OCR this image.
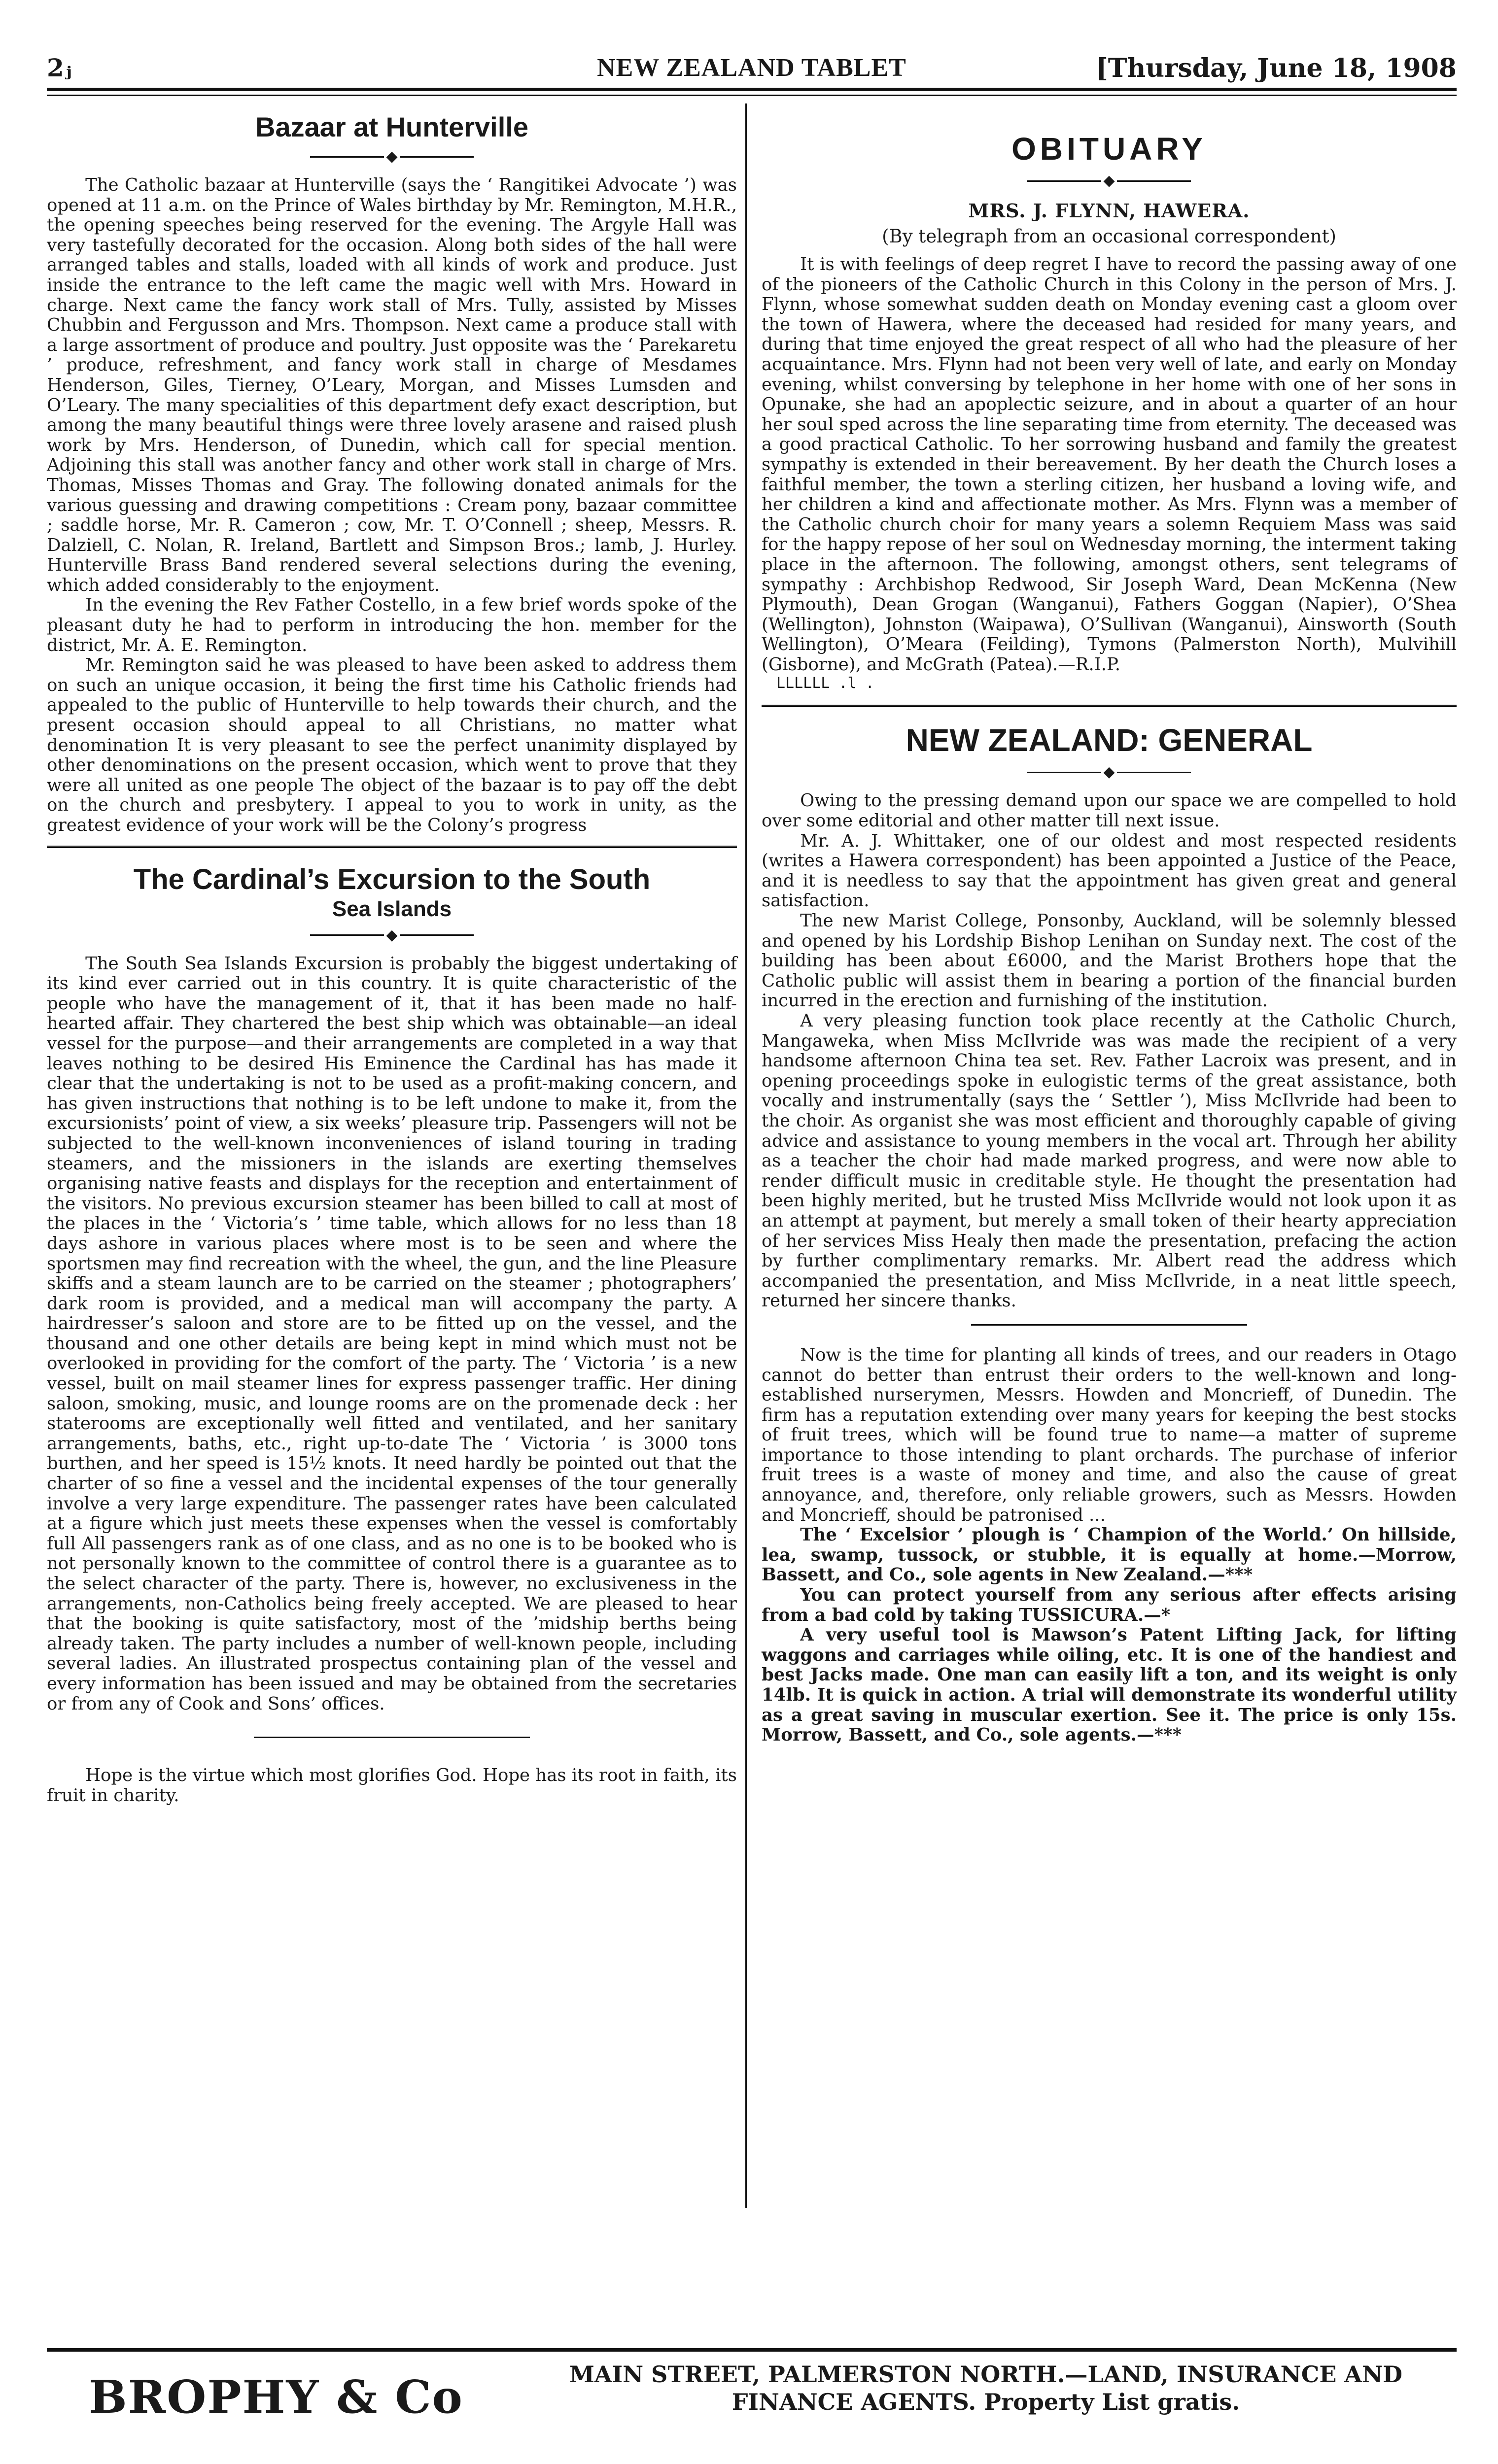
2ⱼ	NEW ZEALAND TABLET	[Thursday, June 18, 1908
Bazaar at Hunterville
◆

The Catholic bazaar at Hunterville (says the ‘ Rangitikei Advocate ’) was opened at 11 a.m. on the Prince of Wales birthday by Mr. Remington, M.H.R., the opening speeches being reserved for the evening. The Argyle Hall was very tastefully decorated for the occasion. Along both sides of the hall were arranged tables and stalls, loaded with all kinds of work and produce. Just inside the entrance to the left came the magic well with Mrs. Howard in charge. Next came the fancy work stall of Mrs. Tully, assisted by Misses Chubbin and Fergusson and Mrs. Thompson. Next came a produce stall with a large assortment of produce and poultry. Just opposite was the ‘ Parekaretu ’ produce, refreshment, and fancy work stall in charge of Mesdames Henderson, Giles, Tierney, O’Leary, Morgan, and Misses Lumsden and O’Leary. The many specialities of this department defy exact description, but among the many beautiful things were three lovely arasene and raised plush work by Mrs. Henderson, of Dunedin, which call for special mention. Adjoining this stall was another fancy and other work stall in charge of Mrs. Thomas, Misses Thomas and Gray. The following donated animals for the various guessing and drawing competitions : Cream pony, bazaar committee ; saddle horse, Mr. R. Cameron ; cow, Mr. T. O’Connell ; sheep, Messrs. R. Dalziell, C. Nolan, R. Ireland, Bartlett and Simpson Bros.; lamb, J. Hurley. Hunterville Brass Band rendered several selections during the evening, which added considerably to the enjoyment.

In the evening the Rev Father Costello, in a few brief words spoke of the pleasant duty he had to perform in introducing the hon. member for the district, Mr. A. E. Remington.

Mr. Remington said he was pleased to have been asked to address them on such an unique occasion, it being the first time his Catholic friends had appealed to the public of Hunterville to help towards their church, and the present occasion should appeal to all Christians, no matter what denomination It is very pleasant to see the perfect unanimity displayed by other denominations on the present occasion, which went to prove that they were all united as one people The object of the bazaar is to pay off the debt on the church and presbytery. I appeal to you to work in unity, as the greatest evidence of your work will be the Colony’s progress

The Cardinal’s Excursion to the South
Sea Islands
◆

The South Sea Islands Excursion is probably the biggest undertaking of its kind ever carried out in this country. It is quite characteristic of the people who have the management of it, that it has been made no half-hearted affair. They chartered the best ship which was obtainable—an ideal vessel for the purpose—and their arrangements are completed in a way that leaves nothing to be desired His Eminence the Cardinal has has made it clear that the undertaking is not to be used as a profit-making concern, and has given instructions that nothing is to be left undone to make it, from the excursionists’ point of view, a six weeks’ pleasure trip. Passengers will not be subjected to the well-known inconveniences of island touring in trading steamers, and the missioners in the islands are exerting themselves organising native feasts and displays for the reception and entertainment of the visitors. No previous excursion steamer has been billed to call at most of the places in the ‘ Victoria’s ’ time table, which allows for no less than 18 days ashore in various places where most is to be seen and where the sportsmen may find recreation with the wheel, the gun, and the line Pleasure skiffs and a steam launch are to be carried on the steamer ; photographers’ dark room is provided, and a medical man will accompany the party. A hairdresser’s saloon and store are to be fitted up on the vessel, and the thousand and one other details are being kept in mind which must not be overlooked in providing for the comfort of the party. The ‘ Victoria ’ is a new vessel, built on mail steamer lines for express passenger traffic. Her dining saloon, smoking, music, and lounge rooms are on the promenade deck : her staterooms are exceptionally well fitted and ventilated, and her sanitary arrangements, baths, etc., right up-to-date The ‘ Victoria ’ is 3000 tons burthen, and her speed is 15½ knots. It need hardly be pointed out that the charter of so fine a vessel and the incidental expenses of the tour generally involve a very large expenditure. The passenger rates have been calculated at a figure which just meets these expenses when the vessel is comfortably full All passengers rank as of one class, and as no one is to be booked who is not personally known to the committee of control there is a guarantee as to the select character of the party. There is, however, no exclusiveness in the arrangements, non-Catholics being freely accepted. We are pleased to hear that the booking is quite satisfactory, most of the ’midship berths being already taken. The party includes a number of well-known people, including several ladies. An illustrated prospectus containing plan of the vessel and every information has been issued and may be obtained from the secretaries or from any of Cook and Sons’ offices.

Hope is the virtue which most glorifies God. Hope has its root in faith, its fruit in charity.

OBITUARY
◆
MRS. J. FLYNN, HAWERA.
(By telegraph from an occasional correspondent)

It is with feelings of deep regret I have to record the passing away of one of the pioneers of the Catholic Church in this Colony in the person of Mrs. J. Flynn, whose somewhat sudden death on Monday evening cast a gloom over the town of Hawera, where the deceased had resided for many years, and during that time enjoyed the great respect of all who had the pleasure of her acquaintance. Mrs. Flynn had not been very well of late, and early on Monday evening, whilst conversing by telephone in her home with one of her sons in Opunake, she had an apoplectic seizure, and in about a quarter of an hour her soul sped across the line separating time from eternity. The deceased was a good practical Catholic. To her sorrowing husband and family the greatest sympathy is extended in their bereavement. By her death the Church loses a faithful member, the town a sterling citizen, her husband a loving wife, and her children a kind and affectionate mother. As Mrs. Flynn was a member of the Catholic church choir for many years a solemn Requiem Mass was said for the happy repose of her soul on Wednesday morning, the interment taking place in the afternoon. The following, amongst others, sent telegrams of sympathy : Archbishop Redwood, Sir Joseph Ward, Dean McKenna (New Plymouth), Dean Grogan (Wanganui), Fathers Goggan (Napier), O’Shea (Wellington), Johnston (Waipawa), O’Sullivan (Wanganui), Ainsworth (South Wellington), O’Meara (Feilding), Tymons (Palmerston North), Mulvihill (Gisborne), and McGrath (Patea).—R.I.P.

LLLLLL .l .
NEW ZEALAND: GENERAL
◆

Owing to the pressing demand upon our space we are compelled to hold over some editorial and other matter till next issue.

Mr. A. J. Whittaker, one of our oldest and most respected residents (writes a Hawera correspondent) has been appointed a Justice of the Peace, and it is needless to say that the appointment has given great and general satisfaction.

The new Marist College, Ponsonby, Auckland, will be solemnly blessed and opened by his Lordship Bishop Lenihan on Sunday next. The cost of the building has been about £6000, and the Marist Brothers hope that the Catholic public will assist them in bearing a portion of the financial burden incurred in the erection and furnishing of the institution.

A very pleasing function took place recently at the Catholic Church, Mangaweka, when Miss McIlvride was was made the recipient of a very handsome afternoon China tea set. Rev. Father Lacroix was present, and in opening proceedings spoke in eulogistic terms of the great assistance, both vocally and instrumentally (says the ‘ Settler ’), Miss McIlvride had been to the choir. As organist she was most efficient and thoroughly capable of giving advice and assistance to young members in the vocal art. Through her ability as a teacher the choir had made marked progress, and were now able to render difficult music in creditable style. He thought the presentation had been highly merited, but he trusted Miss McIlvride would not look upon it as an attempt at payment, but merely a small token of their hearty appreciation of her services Miss Healy then made the presentation, prefacing the action by further complimentary remarks. Mr. Albert read the address which accompanied the presentation, and Miss McIlvride, in a neat little speech, returned her sincere thanks.

Now is the time for planting all kinds of trees, and our readers in Otago cannot do better than entrust their orders to the well-known and long-established nurserymen, Messrs. Howden and Moncrieff, of Dunedin. The firm has a reputation extending over many years for keeping the best stocks of fruit trees, which will be found true to name—a matter of supreme importance to those intending to plant orchards. The purchase of inferior fruit trees is a waste of money and time, and also the cause of great annoyance, and, therefore, only reliable growers, such as Messrs. Howden and Moncrieff, should be patronised ...

The ‘ Excelsior ’ plough is ‘ Champion of the World.’ On hillside, lea, swamp, tussock, or stubble, it is equally at home.—Morrow, Bassett, and Co., sole agents in New Zealand.—***

You can protect yourself from any serious after effects arising from a bad cold by taking TUSSICURA.—*

A very useful tool is Mawson’s Patent Lifting Jack, for lifting waggons and carriages while oiling, etc. It is one of the handiest and best Jacks made. One man can easily lift a ton, and its weight is only 14lb. It is quick in action. A trial will demonstrate its wonderful utility as a great saving in muscular exertion. See it. The price is only 15s. Morrow, Bassett, and Co., sole agents.—***

BROPHY & Co	MAIN STREET, PALMERSTON NORTH.—LAND, INSURANCE AND
FINANCE AGENTS. Property List gratis.
